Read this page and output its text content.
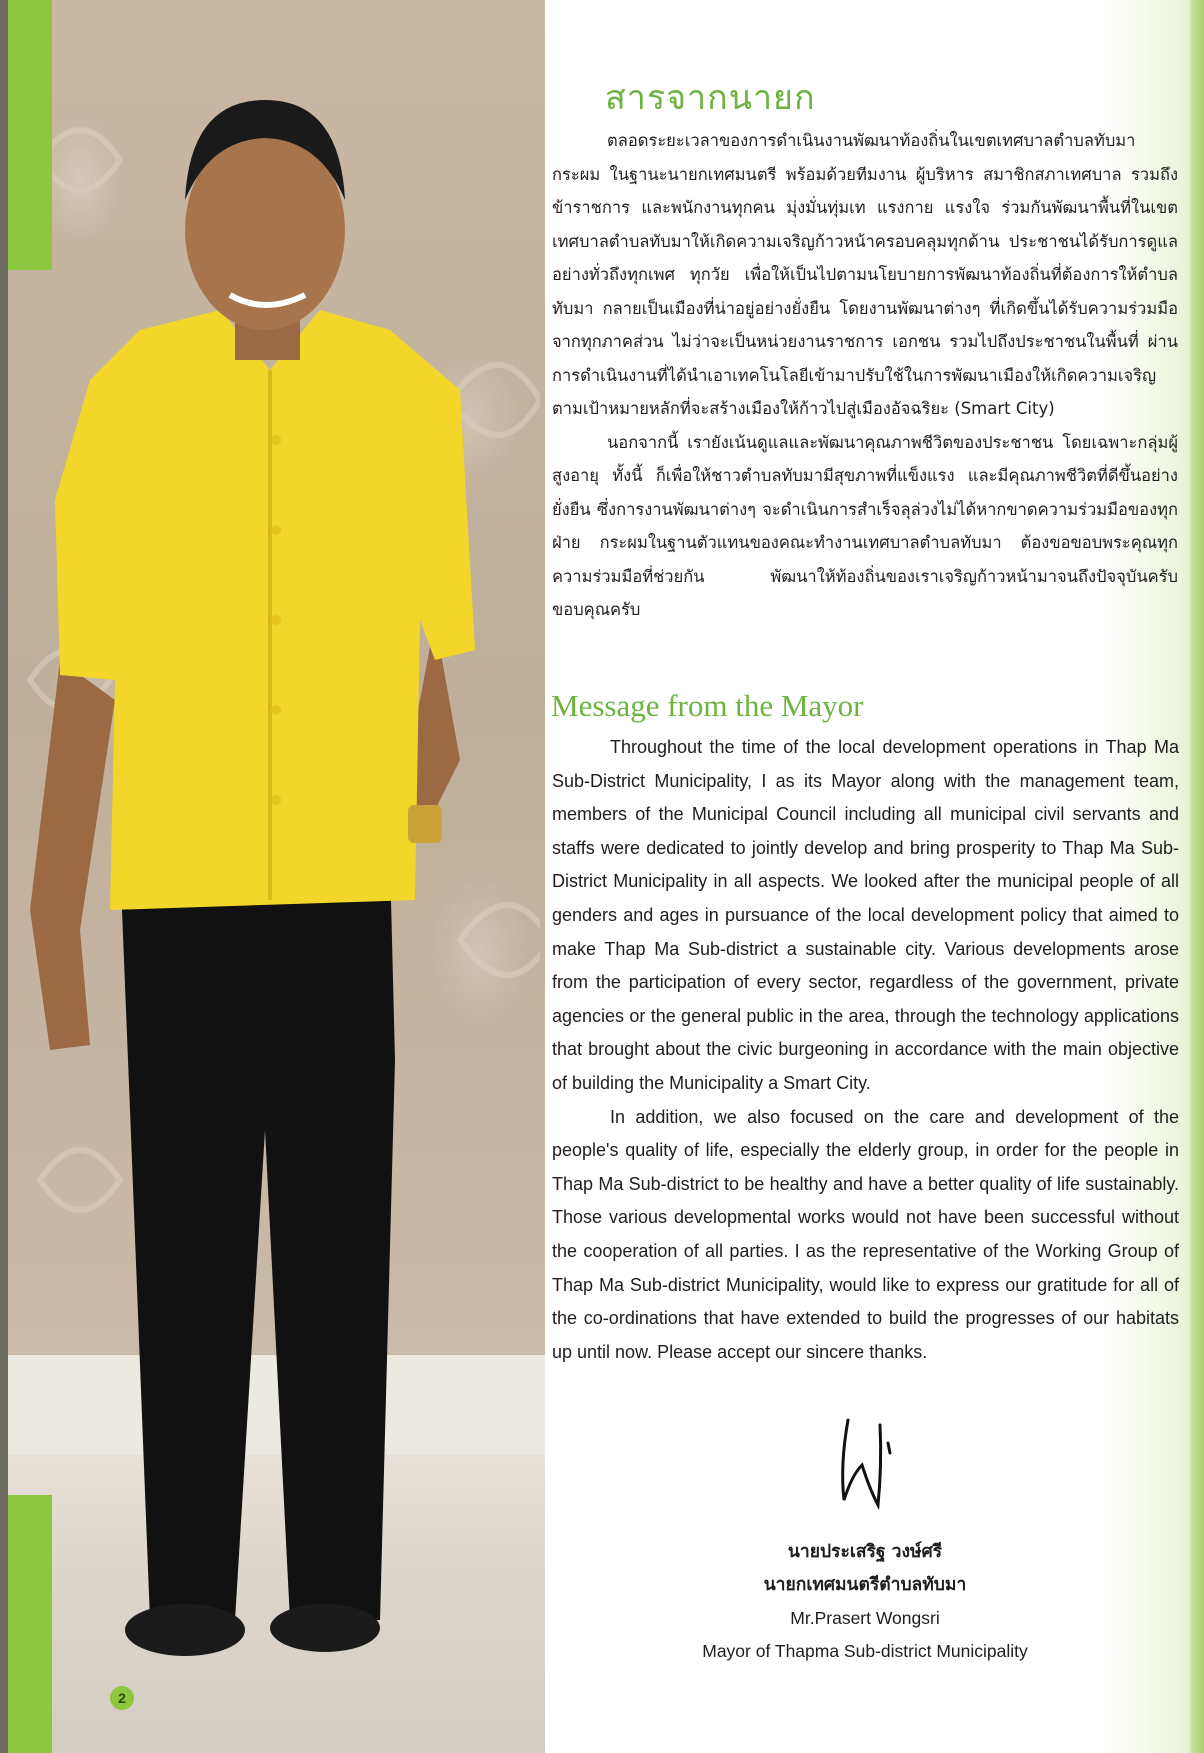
2
สารจากนายก

ตลอดระยะเวลาของการดำเนินงานพัฒนาท้องถิ่นในเขตเทศบาลตำบลทับมา กระผม ในฐานะนายกเทศมนตรี พร้อมด้วยทีมงาน ผู้บริหาร สมาชิกสภาเทศบาล รวมถึงข้าราชการ และพนักงานทุกคน มุ่งมั่นทุ่มเท แรงกาย แรงใจ ร่วมกันพัฒนาพื้นที่ในเขตเทศบาลตำบลทับมาให้เกิดความเจริญก้าวหน้าครอบคลุมทุกด้าน ประชาชนได้รับการดูแลอย่างทั่วถึงทุกเพศ ทุกวัย เพื่อให้เป็นไปตามนโยบายการพัฒนาท้องถิ่นที่ต้องการให้ตำบลทับมา กลายเป็นเมืองที่น่าอยู่อย่างยั่งยืน โดยงานพัฒนาต่างๆ ที่เกิดขึ้นได้รับความร่วมมือจากทุกภาคส่วน ไม่ว่าจะเป็นหน่วยงานราชการ เอกชน รวมไปถึงประชาชนในพื้นที่ ผ่านการดำเนินงานที่ได้นำเอาเทคโนโลยีเข้ามาปรับใช้ในการพัฒนาเมืองให้เกิดความเจริญ ตามเป้าหมายหลักที่จะสร้างเมืองให้ก้าวไปสู่เมืองอัจฉริยะ (Smart City)

นอกจากนี้ เรายังเน้นดูแลและพัฒนาคุณภาพชีวิตของประชาชน โดยเฉพาะกลุ่มผู้สูงอายุ ทั้งนี้ ก็เพื่อให้ชาวตำบลทับมามีสุขภาพที่แข็งแรง และมีคุณภาพชีวิตที่ดีขึ้นอย่างยั่งยืน ซึ่งการงานพัฒนาต่างๆ จะดำเนินการสำเร็จลุล่วงไม่ได้หากขาดความร่วมมือของทุกฝ่าย กระผมในฐานตัวแทนของคณะทำงานเทศบาลตำบลทับมา ต้องขอขอบพระคุณทุกความร่วมมือที่ช่วยกัน พัฒนาให้ท้องถิ่นของเราเจริญก้าวหน้ามาจนถึงปัจจุบันครับ ขอบคุณครับ

Message from the Mayor

Throughout the time of the local development operations in Thap Ma Sub-District Municipality, I as its Mayor along with the management team, members of the Municipal Council including all municipal civil servants and staffs were dedicated to jointly develop and bring prosperity to Thap Ma Sub-District Municipality in all aspects. We looked after the municipal people of all genders and ages in pursuance of the local development policy that aimed to make Thap Ma Sub-district a sustainable city. Various developments arose from the participation of every sector, regardless of the government, private agencies or the general public in the area, through the technology applications that brought about the civic burgeoning in accordance with the main objective of building the Municipality a Smart City.

In addition, we also focused on the care and development of the people's quality of life, especially the elderly group, in order for the people in Thap Ma Sub-district to be healthy and have a better quality of life sustainably. Those various developmental works would not have been successful without the cooperation of all parties. I as the representative of the Working Group of Thap Ma Sub-district Municipality, would like to express our gratitude for all of the co-ordinations that have extended to build the progresses of our habitats up until now. Please accept our sincere thanks.

นายประเสริฐ วงษ์ศรี
นายกเทศมนตรีตำบลทับมา
Mr.Prasert Wongsri
Mayor of Thapma Sub-district Municipality
